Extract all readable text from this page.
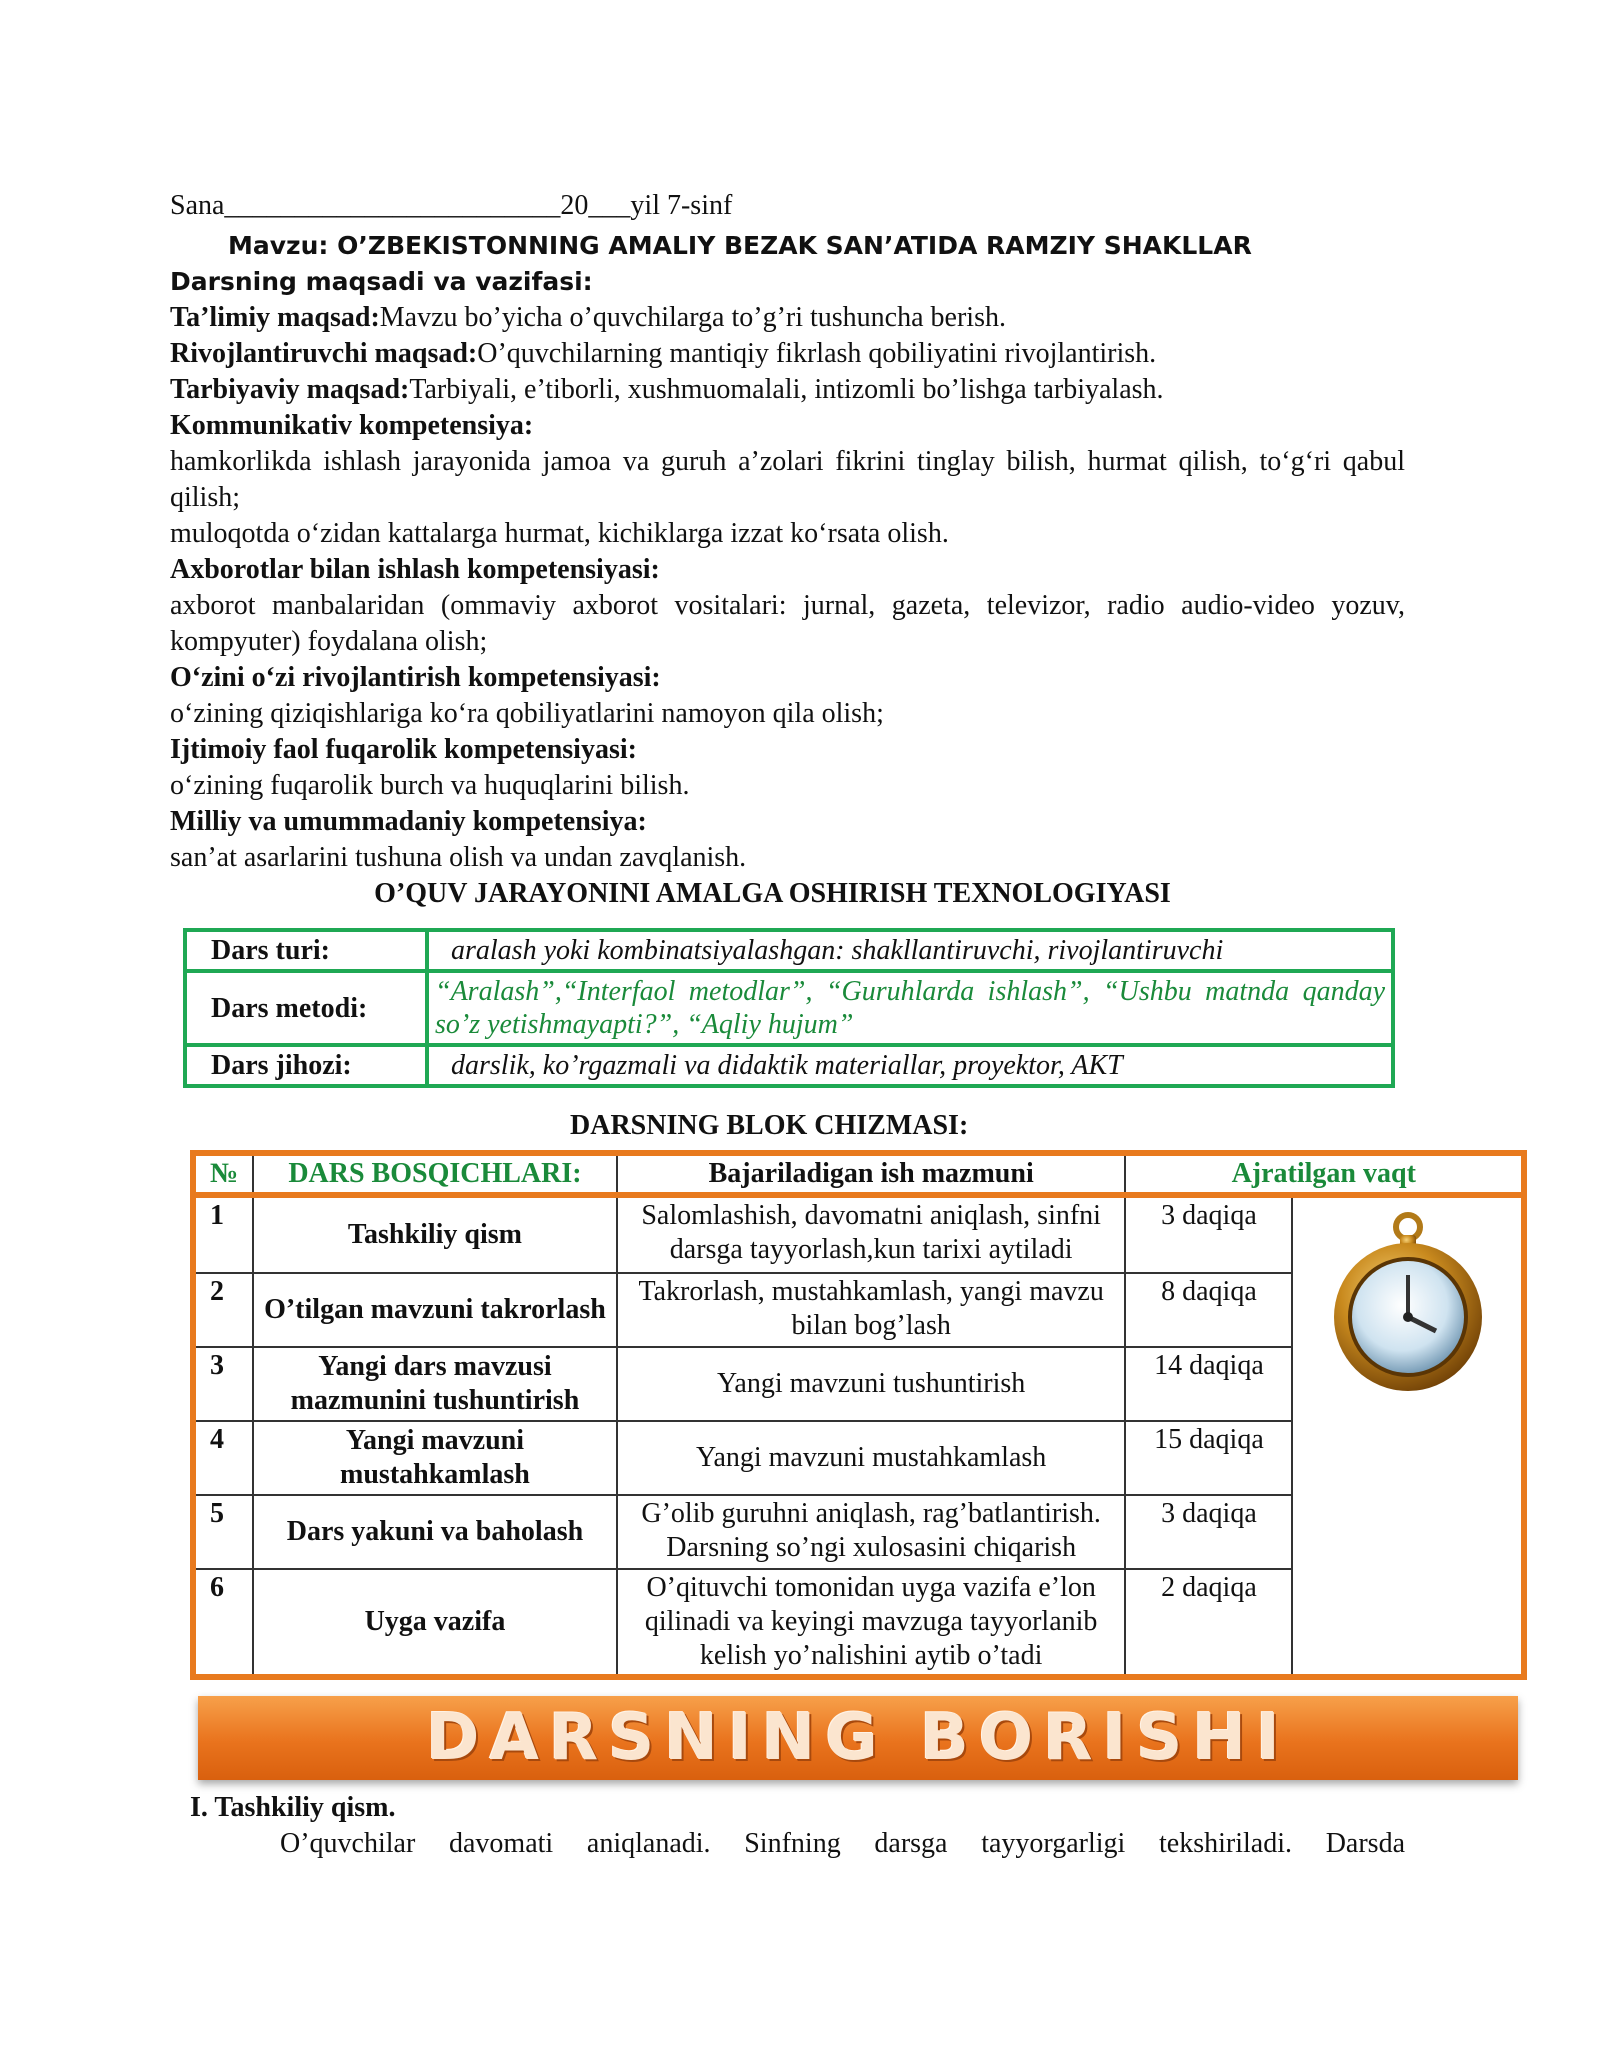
Sana________________________20___yil 7-sinf

Mavzu: O’ZBEKISTONNING AMALIY BEZAK SAN’ATIDA RAMZIY SHAKLLAR

Darsning maqsadi va vazifasi:

Ta’limiy maqsad:Mavzu bo’yicha o’quvchilarga to’g’ri tushuncha berish.

Rivojlantiruvchi maqsad:O’quvchilarning mantiqiy fikrlash qobiliyatini rivojlantirish.

Tarbiyaviy maqsad:Tarbiyali, e’tiborli, xushmuomalali, intizomli bo’lishga tarbiyalash.

Kommunikativ kompetensiya:

hamkorlikda ishlash jarayonida jamoa va guruh a’zolari fikrini tinglay bilish, hurmat qilish, to‘g‘ri qabul qilish;

muloqotda o‘zidan kattalarga hurmat, kichiklarga izzat ko‘rsata olish.

Axborotlar bilan ishlash kompetensiyasi:

axborot manbalaridan (ommaviy axborot vositalari: jurnal, gazeta, televizor, radio audio-video yozuv, kompyuter) foydalana olish;

O‘zini o‘zi rivojlantirish kompetensiyasi:

o‘zining qiziqishlariga ko‘ra qobiliyatlarini namoyon qila olish;

Ijtimoiy faol fuqarolik kompetensiyasi:

o‘zining fuqarolik burch va huquqlarini bilish.

Milliy va umummadaniy kompetensiya:

san’at asarlarini tushuna olish va undan zavqlanish.

O’QUV JARAYONINI AMALGA OSHIRISH TEXNOLOGIYASI

Dars turi:	aralash yoki kombinatsiyalashgan: shakllantiruvchi, rivojlantiruvchi
Dars metodi:	“Aralash”,“Interfaol metodlar”, “Guruhlarda ishlash”, “Ushbu matnda qanday so’z yetishmayapti?”, “Aqliy hujum”
Dars jihozi:	darslik, ko’rgazmali va didaktik materiallar, proyektor, AKT

DARSNING BLOK CHIZMASI:

№	DARS BOSQICHLARI:	Bajariladigan ish mazmuni	Ajratilgan vaqt	
1	Tashkiliy qism	Salomlashish, davomatni aniqlash, sinfni darsga tayyorlash,kun tarixi aytiladi	3 daqiqa	
2	O’tilgan mavzuni takrorlash	Takrorlash, mustahkamlash, yangi mavzu bilan bog’lash	8 daqiqa	
3	Yangi dars mavzusi mazmunini tushuntirish	Yangi mavzuni tushuntirish	14 daqiqa	
4	Yangi mavzuni mustahkamlash	Yangi mavzuni mustahkamlash	15 daqiqa	
5	Dars yakuni va baholash	G’olib guruhni aniqlash, rag’batlantirish. Darsning so’ngi xulosasini chiqarish	3 daqiqa	
6	Uyga vazifa	O’qituvchi tomonidan uyga vazifa e’lon qilinadi va keyingi mavzuga tayyorlanib kelish yo’nalishini aytib o’tadi	2 daqiqa	
DARSNING BORISHI

I. Tashkiliy qism.

O’quvchilar davomati aniqlanadi. Sinfning darsga tayyorgarligi tekshiriladi. Darsda
